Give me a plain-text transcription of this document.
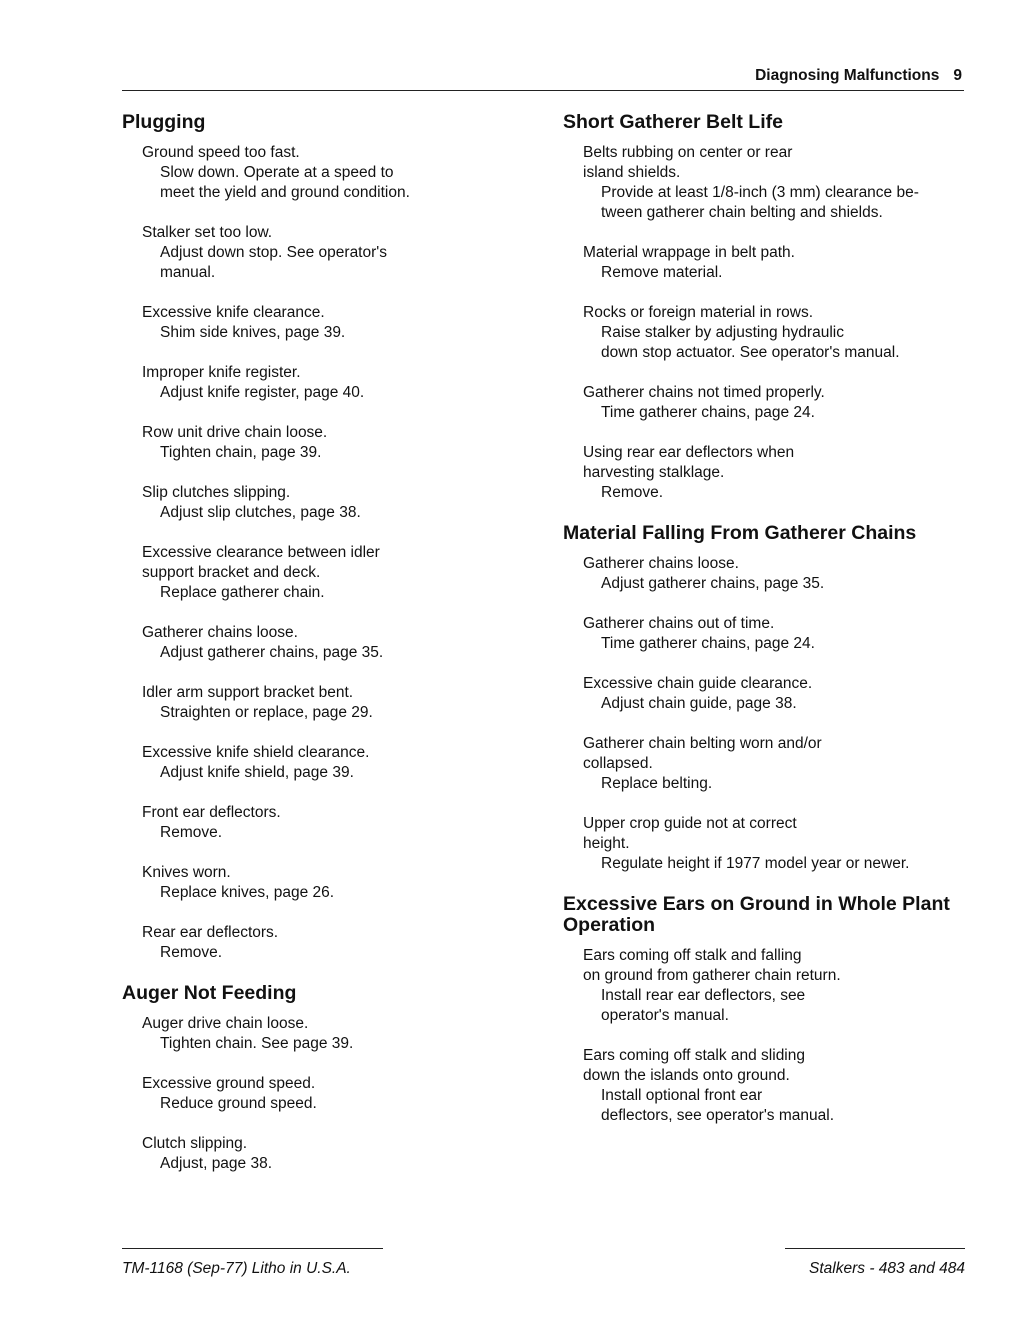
Diagnosing Malfunctions 9
Plugging

Ground speed too fast.

Slow down. Operate at a speed to
meet the yield and ground condition.

Stalker set too low.

Adjust down stop. See operator's
manual.

Excessive knife clearance.

Shim side knives, page 39.

Improper knife register.

Adjust knife register, page 40.

Row unit drive chain loose.

Tighten chain, page 39.

Slip clutches slipping.

Adjust slip clutches, page 38.

Excessive clearance between idler
support bracket and deck.

Replace gatherer chain.

Gatherer chains loose.

Adjust gatherer chains, page 35.

Idler arm support bracket bent.

Straighten or replace, page 29.

Excessive knife shield clearance.

Adjust knife shield, page 39.

Front ear deflectors.

Remove.

Knives worn.

Replace knives, page 26.

Rear ear deflectors.

Remove.

Auger Not Feeding

Auger drive chain loose.

Tighten chain. See page 39.

Excessive ground speed.

Reduce ground speed.

Clutch slipping.

Adjust, page 38.

Short Gatherer Belt Life

Belts rubbing on center or rear
island shields.

Provide at least 1/8-inch (3 mm) clearance be-
tween gatherer chain belting and shields.

Material wrappage in belt path.

Remove material.

Rocks or foreign material in rows.

Raise stalker by adjusting hydraulic
down stop actuator. See operator's manual.

Gatherer chains not timed properly.

Time gatherer chains, page 24.

Using rear ear deflectors when
harvesting stalklage.

Remove.

Material Falling From Gatherer Chains

Gatherer chains loose.

Adjust gatherer chains, page 35.

Gatherer chains out of time.

Time gatherer chains, page 24.

Excessive chain guide clearance.

Adjust chain guide, page 38.

Gatherer chain belting worn and/or
collapsed.

Replace belting.

Upper crop guide not at correct
height.

Regulate height if 1977 model year or newer.

Excessive Ears on Ground in Whole Plant
Operation

Ears coming off stalk and falling
on ground from gatherer chain return.

Install rear ear deflectors, see
operator's manual.

Ears coming off stalk and sliding
down the islands onto ground.

Install optional front ear
deflectors, see operator's manual.

TM-1168 (Sep-77) Litho in U.S.A.	Stalkers - 483 and 484
